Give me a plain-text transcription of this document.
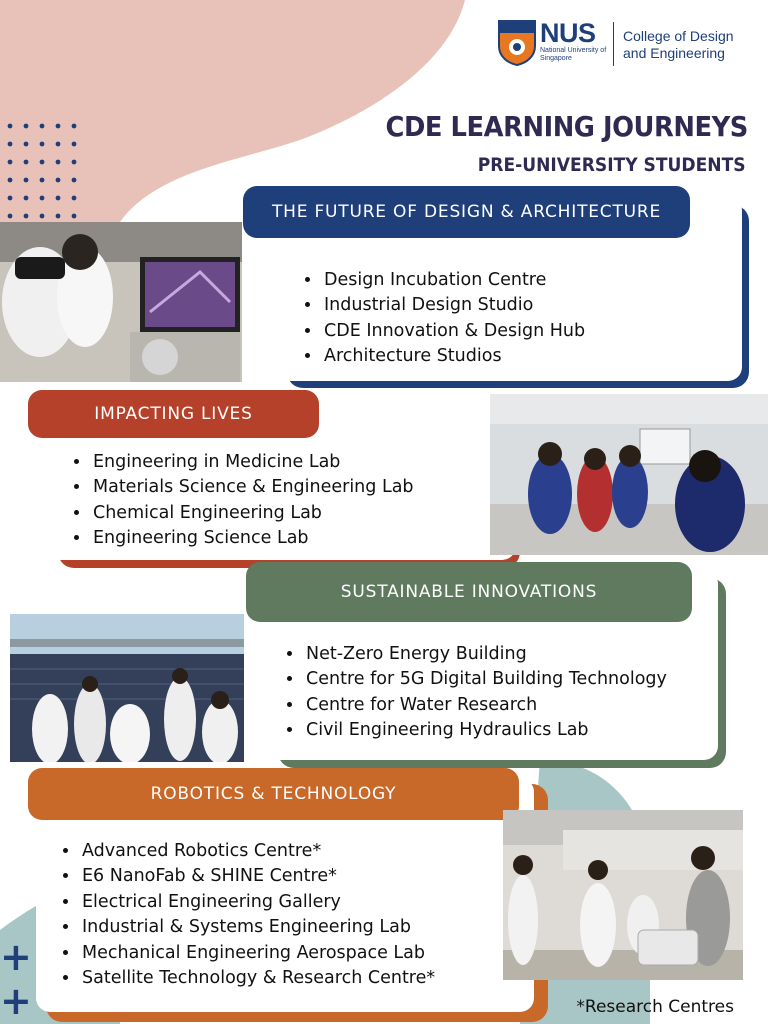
+
+
NUS
National University of Singapore
College of Design and Engineering
CDE LEARNING JOURNEYS
PRE-UNIVERSITY STUDENTS
THE FUTURE OF DESIGN & ARCHITECTURE
• Design Incubation Centre
• Industrial Design Studio
• CDE Innovation & Design Hub
• Architecture Studios
IMPACTING LIVES
• Engineering in Medicine Lab
• Materials Science & Engineering Lab
• Chemical Engineering Lab
• Engineering Science Lab
SUSTAINABLE INNOVATIONS
• Net-Zero Energy Building
• Centre for 5G Digital Building Technology
• Centre for Water Research
• Civil Engineering Hydraulics Lab
ROBOTICS & TECHNOLOGY
• Advanced Robotics Centre*
• E6 NanoFab & SHINE Centre*
• Electrical Engineering Gallery
• Industrial & Systems Engineering Lab
• Mechanical Engineering Aerospace Lab
• Satellite Technology & Research Centre*
*Research Centres
